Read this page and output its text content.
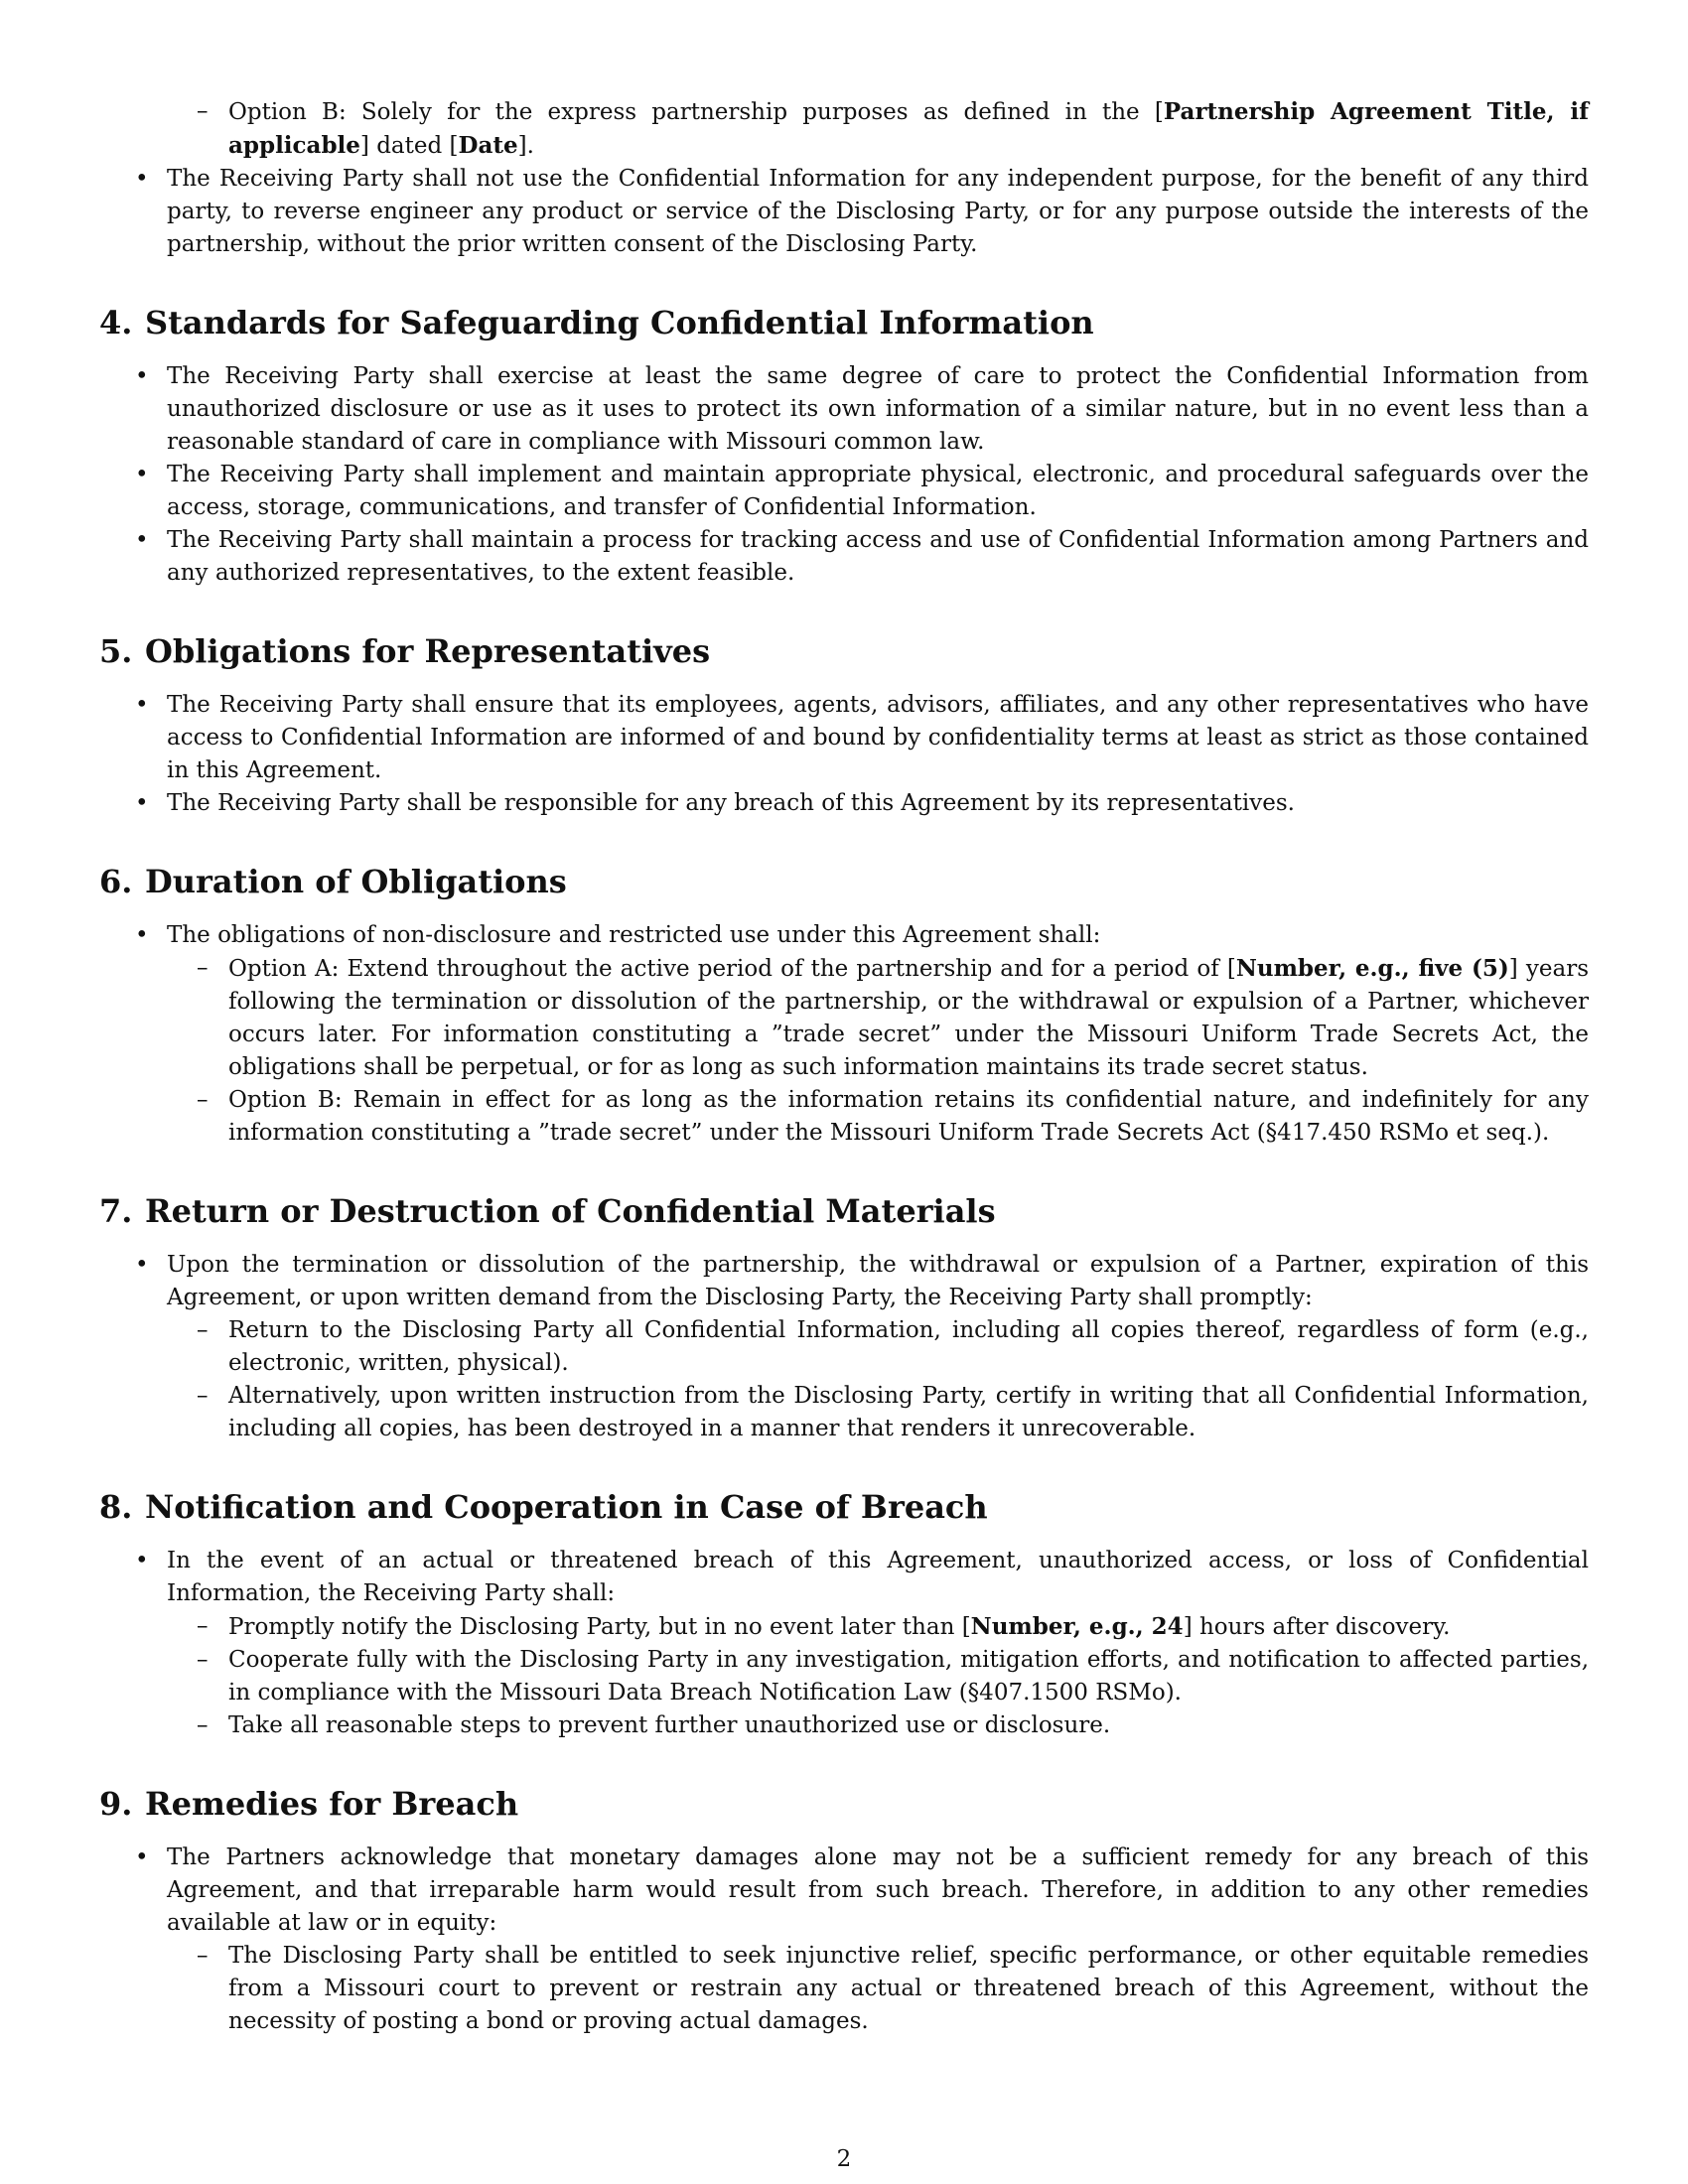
– Option B: Solely for the express partnership purposes as defined in the [Partnership Agreement Title, if applicable] dated [Date].
• The Receiving Party shall not use the Confidential Information for any independent purpose, for the benefit of any third party, to reverse engineer any product or service of the Disclosing Party, or for any purpose outside the interests of the partnership, without the prior written consent of the Disclosing Party.
4. Standards for Safeguarding Confidential Information
• The Receiving Party shall exercise at least the same degree of care to protect the Confidential Information from unauthorized disclosure or use as it uses to protect its own information of a similar nature, but in no event less than a reasonable standard of care in compliance with Missouri common law.
• The Receiving Party shall implement and maintain appropriate physical, electronic, and procedural safeguards over the access, storage, communications, and transfer of Confidential Information.
• The Receiving Party shall maintain a process for tracking access and use of Confidential Information among Partners and any authorized representatives, to the extent feasible.
5. Obligations for Representatives
• The Receiving Party shall ensure that its employees, agents, advisors, affiliates, and any other representatives who have access to Confidential Information are informed of and bound by confidentiality terms at least as strict as those contained in this Agreement.
• The Receiving Party shall be responsible for any breach of this Agreement by its representatives.
6. Duration of Obligations
• The obligations of non-disclosure and restricted use under this Agreement shall:
– Option A: Extend throughout the active period of the partnership and for a period of [Number, e.g., five (5)] years following the termination or dissolution of the partnership, or the withdrawal or expulsion of a Partner, whichever occurs later. For information constituting a ”trade secret” under the Missouri Uniform Trade Secrets Act, the obligations shall be perpetual, or for as long as such information maintains its trade secret status.
– Option B: Remain in effect for as long as the information retains its confidential nature, and indefinitely for any information constituting a ”trade secret” under the Missouri Uniform Trade Secrets Act (§417.450 RSMo et seq.).
7. Return or Destruction of Confidential Materials
• Upon the termination or dissolution of the partnership, the withdrawal or expulsion of a Partner, expiration of this Agreement, or upon written demand from the Disclosing Party, the Receiving Party shall promptly:
– Return to the Disclosing Party all Confidential Information, including all copies thereof, regardless of form (e.g., electronic, written, physical).
– Alternatively, upon written instruction from the Disclosing Party, certify in writing that all Confidential Information, including all copies, has been destroyed in a manner that renders it unrecoverable.
8. Notification and Cooperation in Case of Breach
• In the event of an actual or threatened breach of this Agreement, unauthorized access, or loss of Confidential Information, the Receiving Party shall:
– Promptly notify the Disclosing Party, but in no event later than [Number, e.g., 24] hours after discovery.
– Cooperate fully with the Disclosing Party in any investigation, mitigation efforts, and notification to affected parties, in compliance with the Missouri Data Breach Notification Law (§407.1500 RSMo).
– Take all reasonable steps to prevent further unauthorized use or disclosure.
9. Remedies for Breach
• The Partners acknowledge that monetary damages alone may not be a sufficient remedy for any breach of this Agreement, and that irreparable harm would result from such breach. Therefore, in addition to any other remedies available at law or in equity:
– The Disclosing Party shall be entitled to seek injunctive relief, specific performance, or other equitable remedies from a Missouri court to prevent or restrain any actual or threatened breach of this Agreement, without the necessity of posting a bond or proving actual damages.
2
